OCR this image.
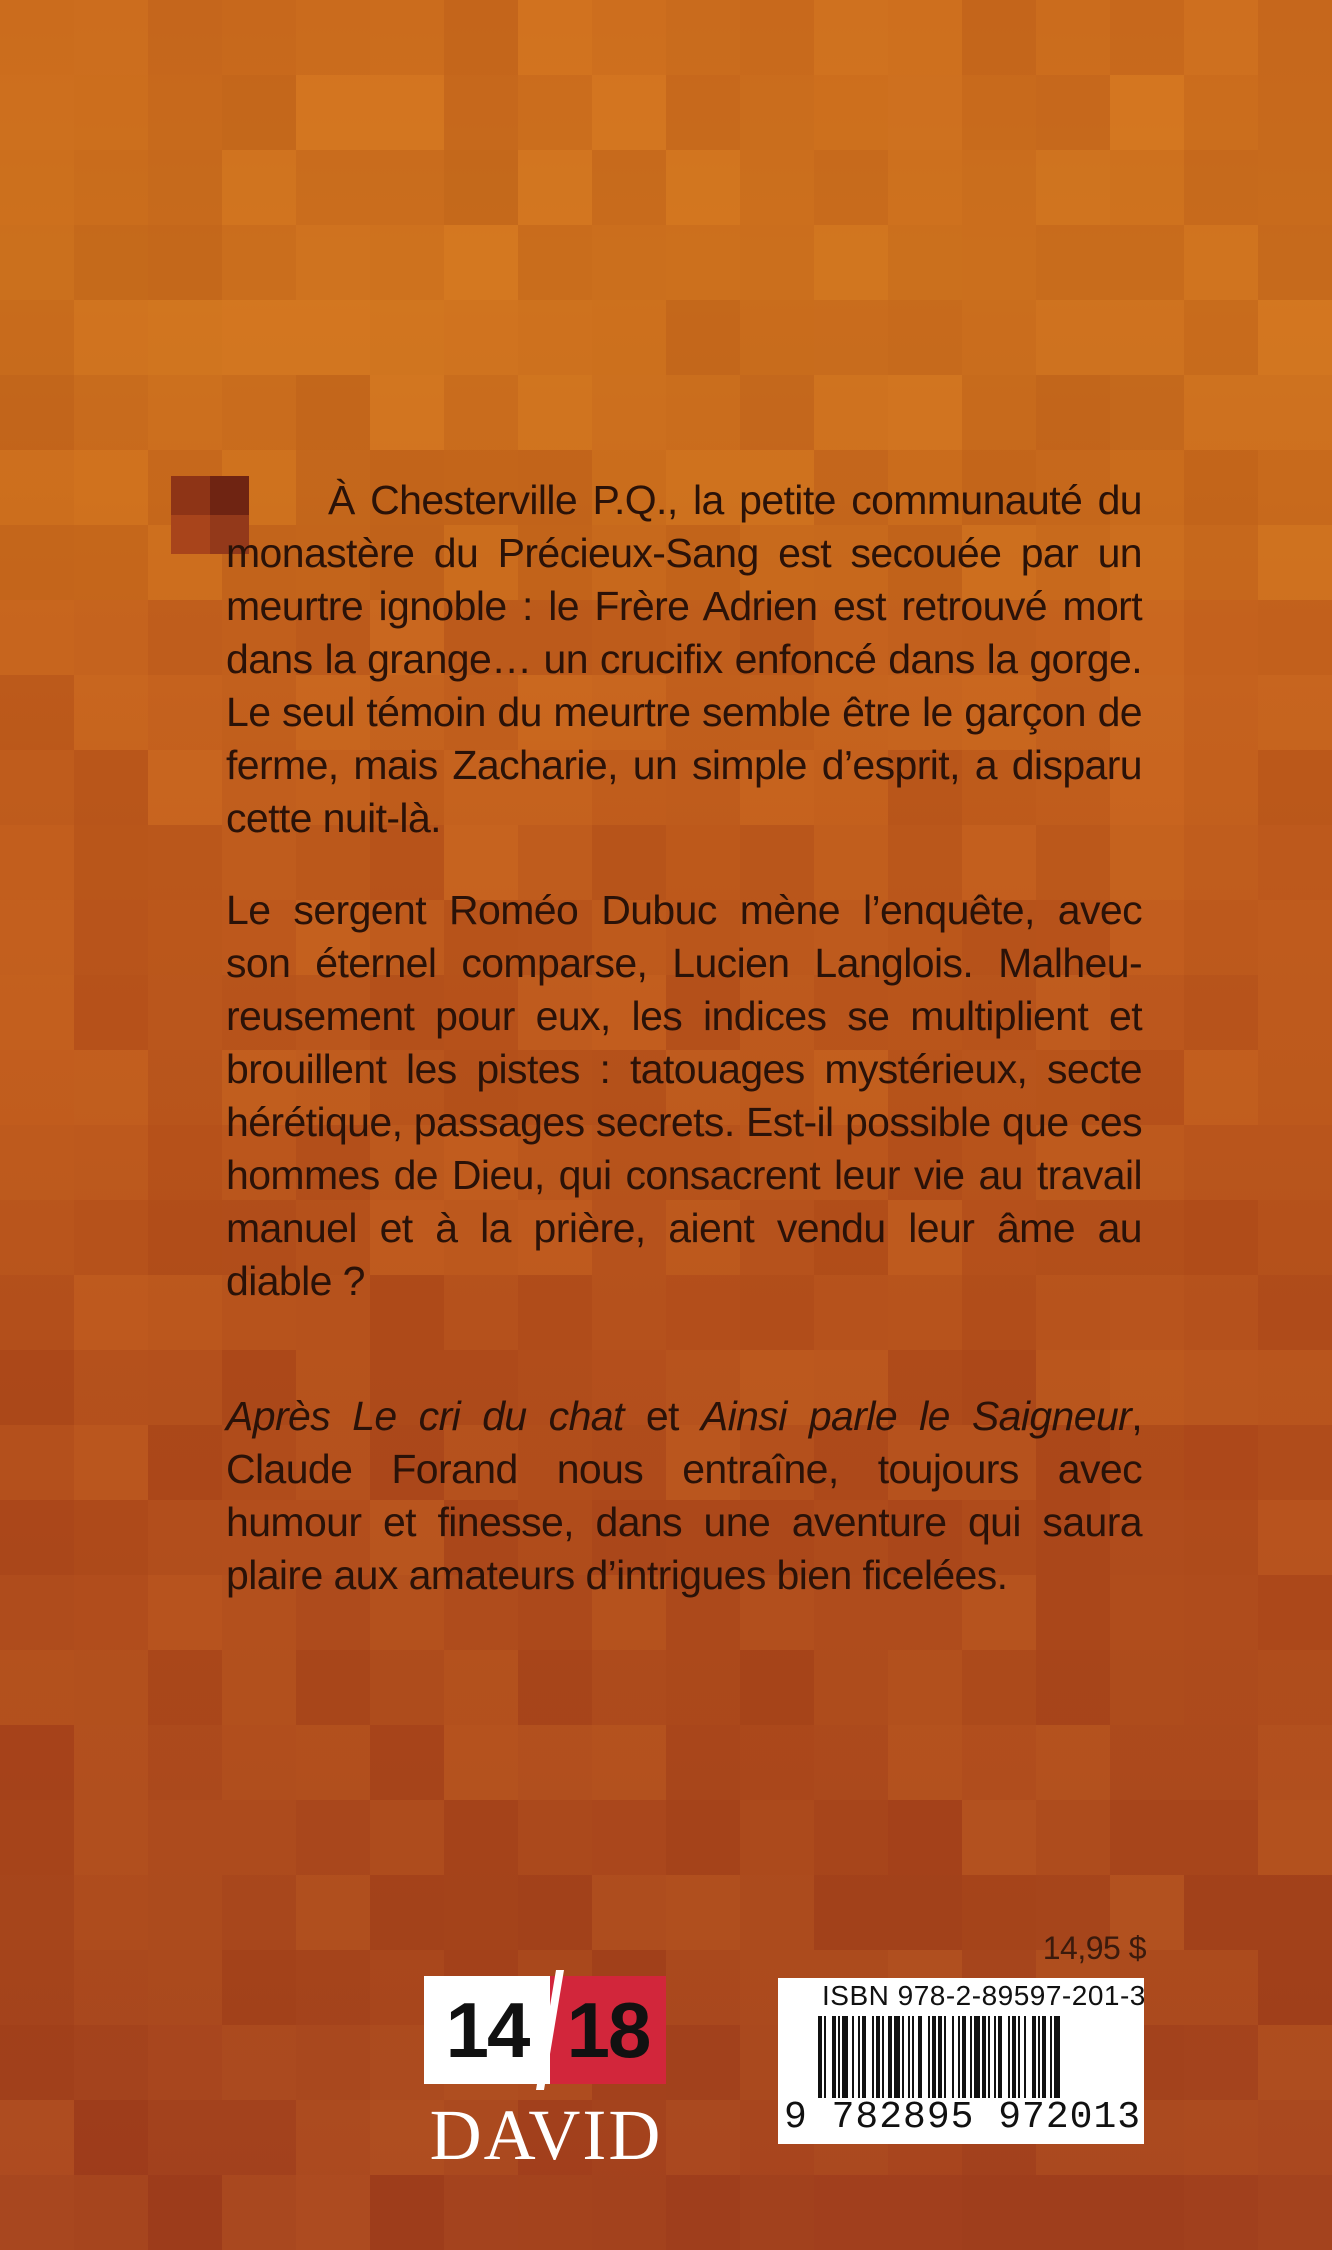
À Chesterville P.Q., la petite communauté du
monastère du Précieux-Sang est secouée par un meurtre ignoble : le Frère Adrien est retrouvé mort dans la grange… un crucifix enfoncé dans la gorge. Le seul témoin du meurtre semble être le garçon de ferme, mais Zacharie, un simple d’esprit, a disparu cette nuit-là.

Le sergent Roméo Dubuc mène l’enquête, avec son éternel comparse, Lucien Langlois. Malheu-reusement pour eux, les indices se multiplient et brouillent les pistes : tatouages mystérieux, secte hérétique, passages secrets. Est-il possible que ces hommes de Dieu, qui consacrent leur vie au travail manuel et à la prière, aient vendu leur âme au diable ?

Après Le cri du chat et Ainsi parle le Saigneur, Claude Forand nous entraîne, toujours avec humour et finesse, dans une aventure qui saura plaire aux amateurs d’intrigues bien ficelées.

14,95 $
14 18
DAVID
ISBN 978-2-89597-201-3
9 782895 972013
